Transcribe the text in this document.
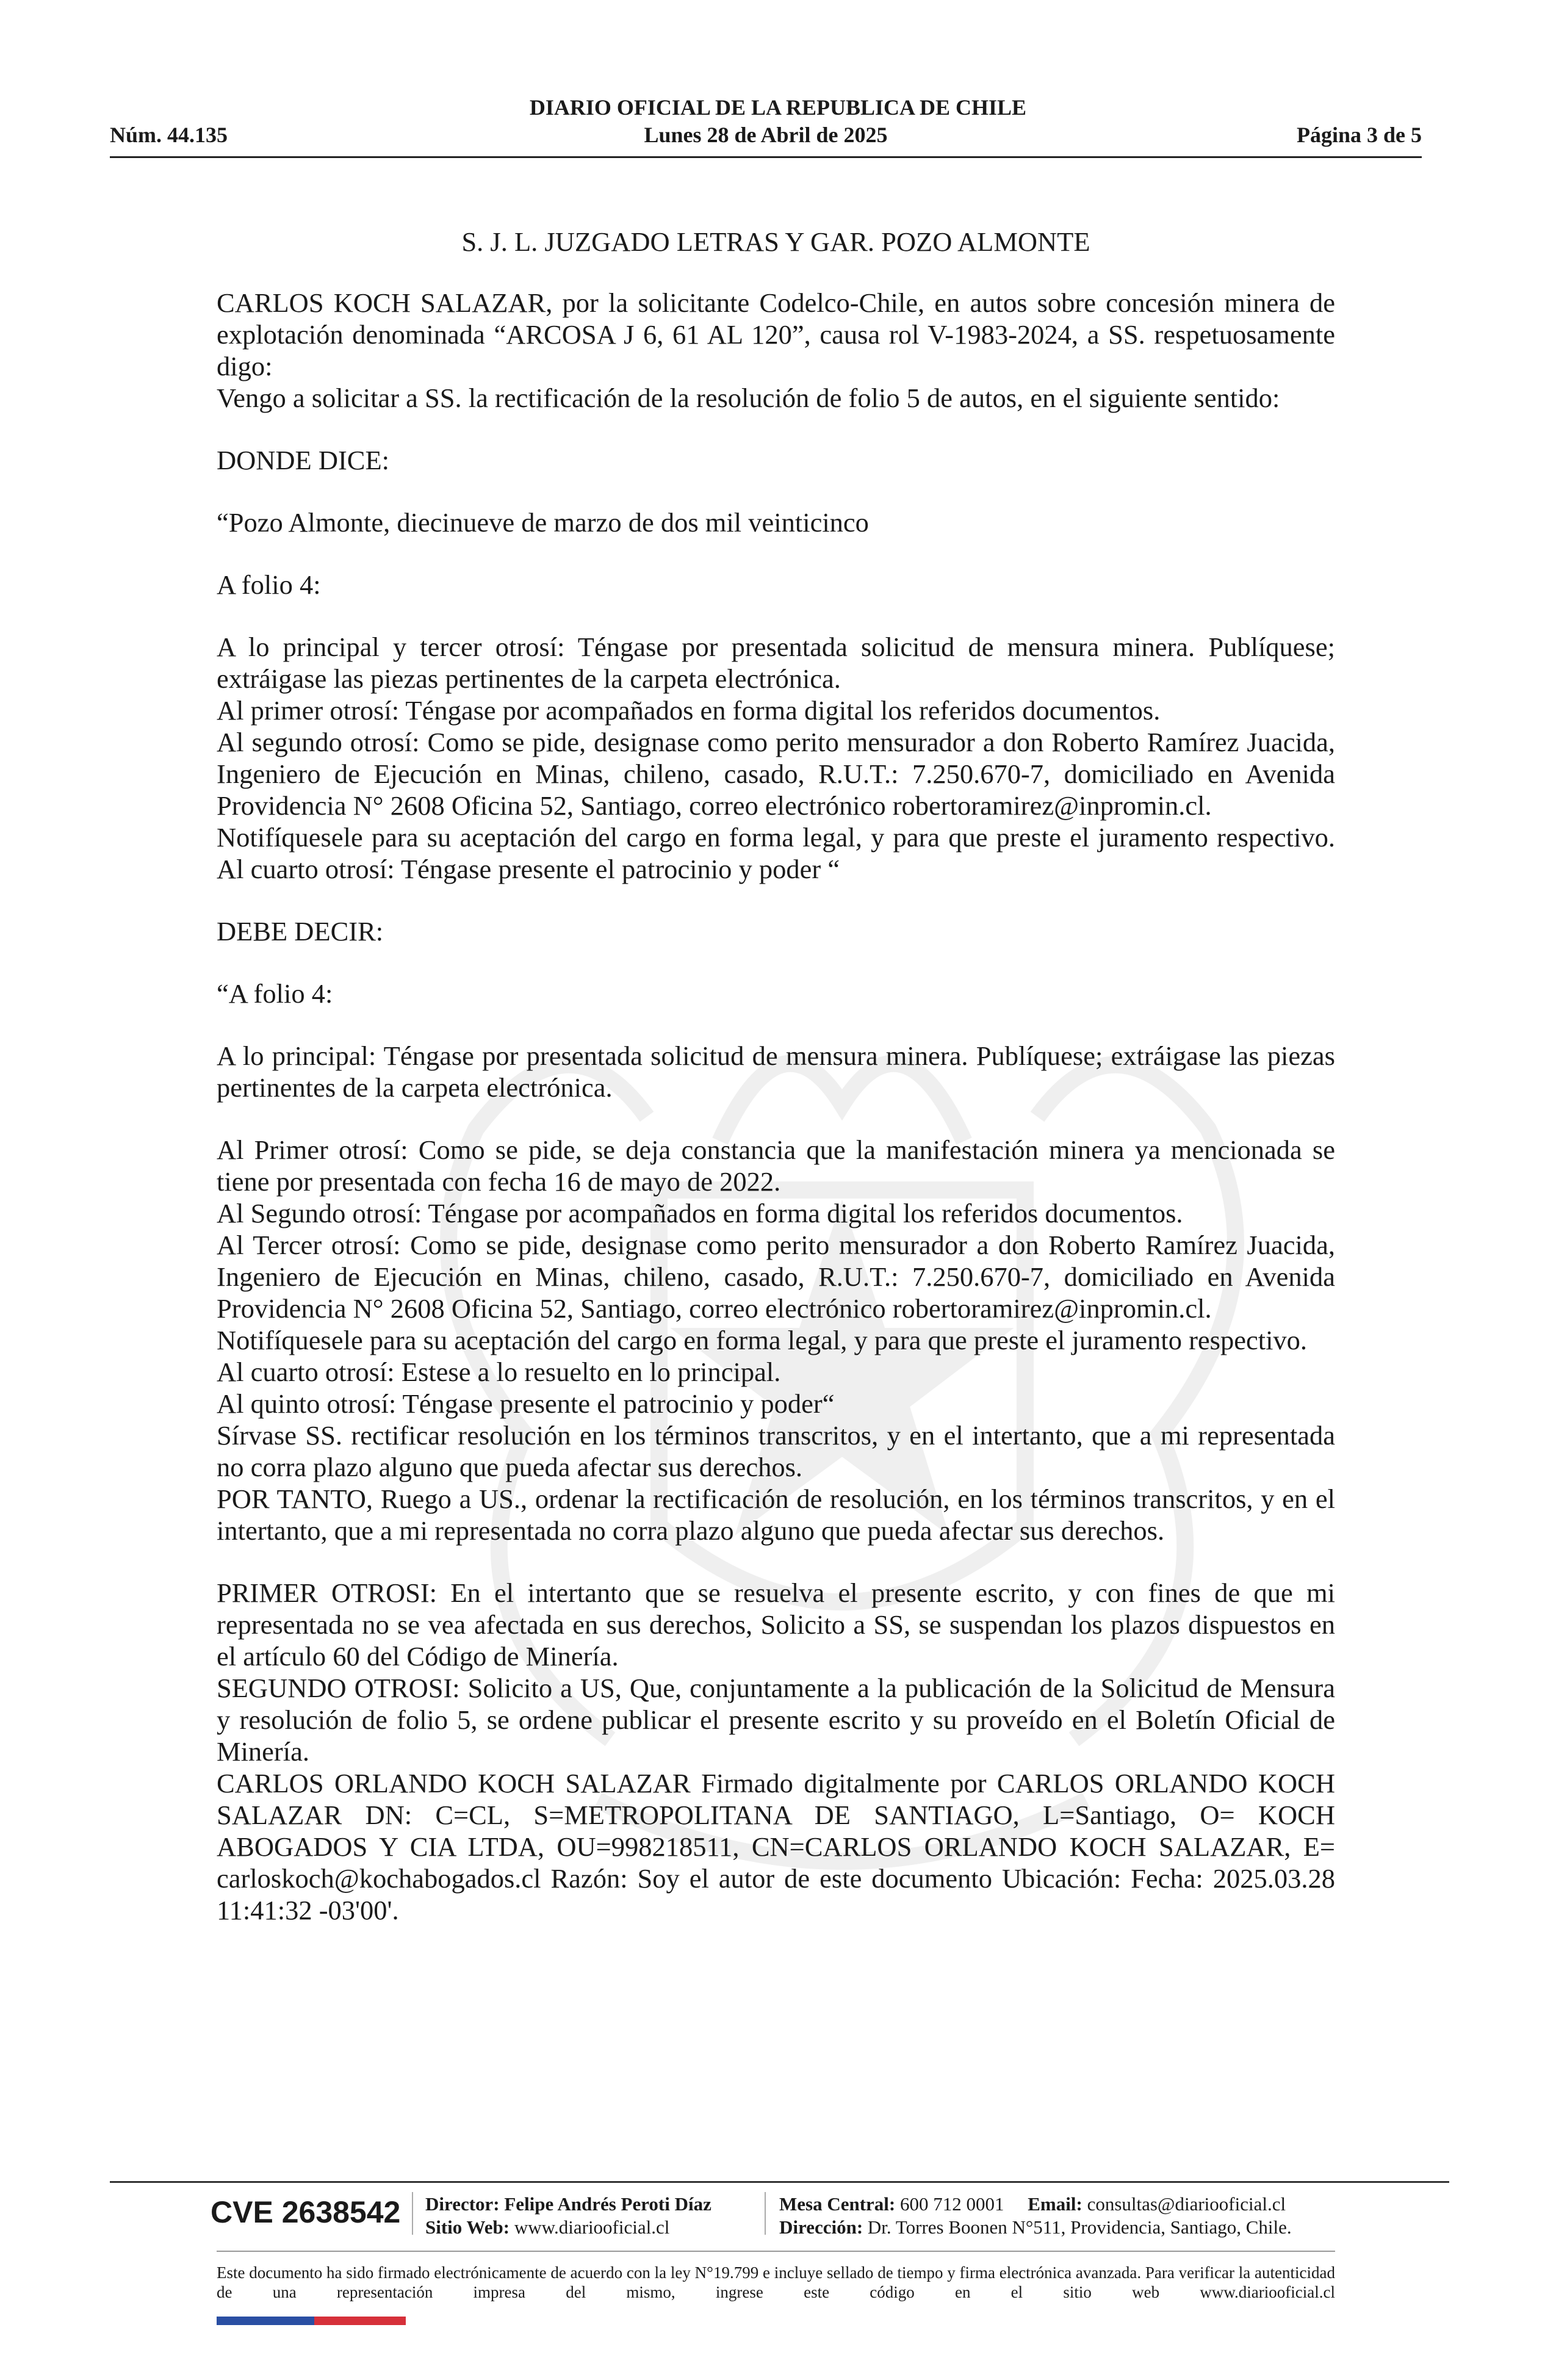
DIARIO OFICIAL DE LA REPUBLICA DE CHILE
Lunes 28 de Abril de 2025
Núm. 44.135	Página 3 de 5
S. J. L. JUZGADO LETRAS Y GAR. POZO ALMONTE

CARLOS KOCH SALAZAR, por la solicitante Codelco-Chile, en autos sobre concesión minera de explotación denominada “ARCOSA J 6, 61 AL 120”, causa rol V-1983-2024, a SS. respetuosamente digo:

Vengo a solicitar a SS. la rectificación de la resolución de folio 5 de autos, en el siguiente sentido:

DONDE DICE:

“Pozo Almonte, diecinueve de marzo de dos mil veinticinco

A folio 4:

A lo principal y tercer otrosí: Téngase por presentada solicitud de mensura minera. Publíquese; extráigase las piezas pertinentes de la carpeta electrónica.

Al primer otrosí: Téngase por acompañados en forma digital los referidos documentos.

Al segundo otrosí: Como se pide, designase como perito mensurador a don Roberto Ramírez Juacida, Ingeniero de Ejecución en Minas, chileno, casado, R.U.T.: 7.250.670-7, domiciliado en Avenida Providencia N° 2608 Oficina 52, Santiago, correo electrónico robertoramirez@inpromin.cl.

Notifíquesele para su aceptación del cargo en forma legal, y para que preste el juramento respectivo. Al cuarto otrosí: Téngase presente el patrocinio y poder “

DEBE DECIR:

“A folio 4:

A lo principal: Téngase por presentada solicitud de mensura minera. Publíquese; extráigase las piezas pertinentes de la carpeta electrónica.

Al Primer otrosí: Como se pide, se deja constancia que la manifestación minera ya mencionada se tiene por presentada con fecha 16 de mayo de 2022.

Al Segundo otrosí: Téngase por acompañados en forma digital los referidos documentos.

Al Tercer otrosí: Como se pide, designase como perito mensurador a don Roberto Ramírez Juacida, Ingeniero de Ejecución en Minas, chileno, casado, R.U.T.: 7.250.670-7, domiciliado en Avenida Providencia N° 2608 Oficina 52, Santiago, correo electrónico robertoramirez@inpromin.cl.

Notifíquesele para su aceptación del cargo en forma legal, y para que preste el juramento respectivo.

Al cuarto otrosí: Estese a lo resuelto en lo principal.

Al quinto otrosí: Téngase presente el patrocinio y poder“

Sírvase SS. rectificar resolución en los términos transcritos, y en el intertanto, que a mi representada no corra plazo alguno que pueda afectar sus derechos.

POR TANTO, Ruego a US., ordenar la rectificación de resolución, en los términos transcritos, y en el intertanto, que a mi representada no corra plazo alguno que pueda afectar sus derechos.

PRIMER OTROSI: En el intertanto que se resuelva el presente escrito, y con fines de que mi representada no se vea afectada en sus derechos, Solicito a SS, se suspendan los plazos dispuestos en el artículo 60 del Código de Minería.

SEGUNDO OTROSI: Solicito a US, Que, conjuntamente a la publicación de la Solicitud de Mensura y resolución de folio 5, se ordene publicar el presente escrito y su proveído en el Boletín Oficial de Minería.

CARLOS ORLANDO KOCH SALAZAR Firmado digitalmente por CARLOS ORLANDO KOCH SALAZAR DN: C=CL, S=METROPOLITANA DE SANTIAGO, L=Santiago, O= KOCH ABOGADOS Y CIA LTDA, OU=998218511, CN=CARLOS ORLANDO KOCH SALAZAR, E= carloskoch@kochabogados.cl Razón: Soy el autor de este documento Ubicación: Fecha: 2025.03.28 11:41:32 -03'00'.

CVE 2638542 Director: Felipe Andrés Peroti Díaz
Sitio Web: www.diariooficial.cl
Mesa Central: 600 712 0001 Email: consultas@diariooficial.cl
Dirección: Dr. Torres Boonen N°511, Providencia, Santiago, Chile.
Este documento ha sido firmado electrónicamente de acuerdo con la ley N°19.799 e incluye sellado de tiempo y firma electrónica avanzada. Para verificar la autenticidad de una representación impresa del mismo, ingrese este código en el sitio web www.diariooficial.cl
